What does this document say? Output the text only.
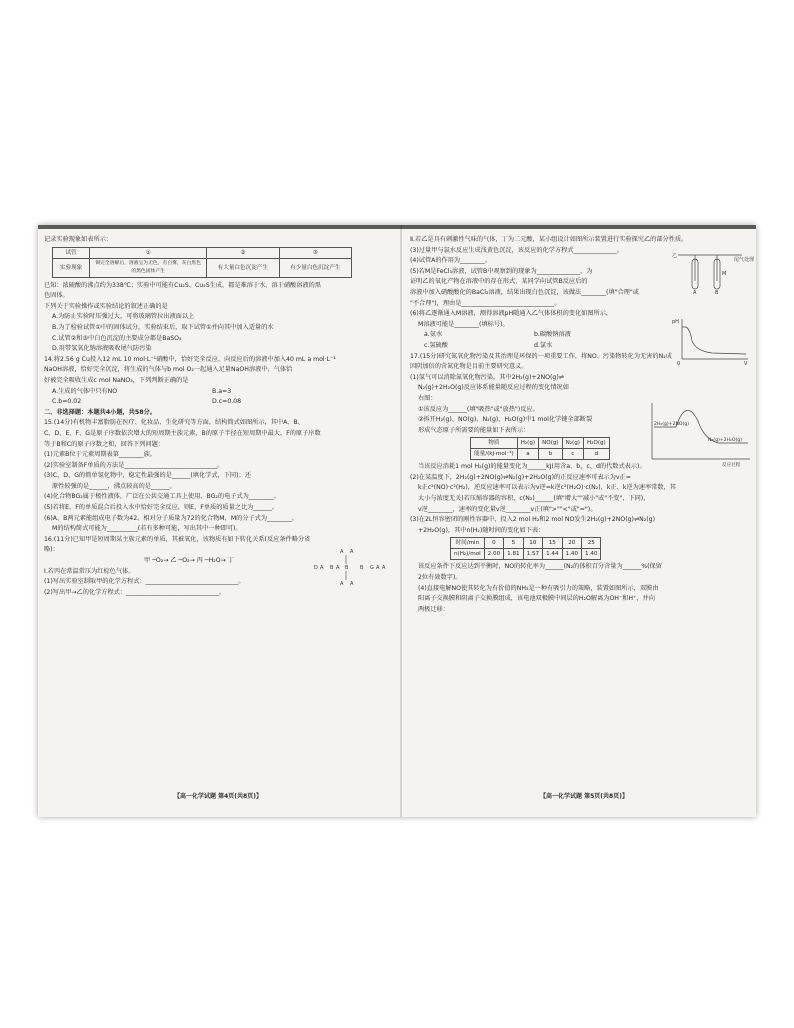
记录实验现象如表所示：

试管	①	②	③
实验现象	铜完全溶解后，溶液呈为无色，有白雾，灰白黑色的黑色固体产生	有大量白色沉淀产生	有少量白色沉淀产生

已知：浓硫酸的沸点约为338℃；实验中可能有Cu₂S、Cu₂S生成，都是难溶于水、溶于硝酸溶液的黑

色固体。

下列关于实验操作或实验结论的叙述正确的是

A.为防止实验时压强过大，可将玻璃管拉出液面以上

B.为了检验试管①中的固体试分，实验结束后，取下试管①并向其中加入适量的水

C.试管②和③中白色沉淀的主要成分都是BaSO₄

D.用带氢氧化钠溶液吸收尾气防污染

14.将2.56 g Cu投入12 mL 10 mol·L⁻¹硝酸中，恰好完全反应，向反应后的溶液中加入40 mL a mol·L⁻¹

NaOH溶液，恰好完全沉淀，将生成的气体与b mol O₂一起通入足量NaOH溶液中，气体恰

好被完全吸收生成c mol NaNO₃，下列判断正确的是

A.生成的气体中只有NO	B.a=3

C.b=0.02	D.c=0.08

二、非选择题：本题共4小题，共58分。

15.(14分)有机物丰富脂肪在医疗、化妆品、生化研究等方面，结构简式如图所示，其中A、B、

C、D、E、F、G是原子序数依次增大的短周期主族元素，B的原子半径在短周期中最大，F的原子序数

等于B和C的原子序数之和，回答下列问题：

(1)元素B位于元素周期表第________族。

(2)实验室制备F单质的方法是______________________________。

(3)C、D、G的简单氢化物中，稳定性最强的是______(填化学式，下同)；还

原性较强的是______，沸点较高的是______。

(4)化合物BG₂属于极性液体，广泛在公共交通工具上使用，BG₂的电子式为________。

(5)若将E、F的单质混合后投入水中恰好完全反应，则E、F单质的质量之比为______。

(6)A、B两元素能组成电子数为42、相对分子质量为72的化合物M，M的分子式为________，

M的结构简式可能为__________(若有多种可能，写出其中一种即可)。

16.(11分)已知甲是短周期某主族元素的单质，其被氧化，该物质有如下转化关系(反应条件略分省

略)：

甲 ─O₂→ 乙 ─O₂→ 丙 ─H₂O→ 丁

Ⅰ.若丙在常温常压为红棕色气体。

(1)写出实验室制取甲的化学方程式：______________________________。

(2)写出甲→乙的化学方程式：______________________________。

A A
A A
D B B B G A
A	A	A
【高一化学试题 第4页(共8页)】

Ⅱ.若乙是具有刺激性气味的气体，丁为二元酸，某小组设计如图所示装置进行实验探究乙的部分性质。

(3)过量甲与氯水反应生成浅黄色沉淀，该反应的化学方程式______________。

(4)试管A的作用为________。

(5)若M是FeCl₃溶液，试管B中观察到的现象为______________，为

证明乙的氧化产物在溶液中的存在形式，某同学向试管B反应后的

溶液中加入硝酸酸化的BaCl₂溶液，结果出现白色沉淀，该做法________(填"合理"或

"不合理")，理由是______________________________。

(6)将乙逐渐通入M溶液，测得溶液pH随通入乙气体体积的变化如图所示，

M溶液可能是________(填标号)。

a.氨水	b.碳酸钠溶液

c.氢硫酸	d.氯水

17.(15分)研究氮氧化物污染及其治理是环保的一项重要工作，将NO、污染物转化为无害的N₂成

因阴加倍的含氮化物是目前主要研究意义。

(1)氢气可以消除氮氧化物污染，其中2H₂(g)+2NO(g)⇌

N₂(g)+2H₂O(g)反应体系能量随反应过程的变化情况如

右图：

①该反应为______(填"吸热"或"放热")反应。

②拆开H₂(g)、NO(g)、N₂(g)、H₂O(g)中1 mol化学键全部断裂

形成气态原子所需要的能量如下表所示：

物质	H₂(g)	NO(g)	N₂(g)	H₂O(g)
能量/(kJ·mol⁻¹)	a	b	c	d

当该反应消耗1 mol H₂(g)的能量变化为______kJ(用含a、b、c、d的代数式表示)。

(2)在某温度下，2H₂(g)+2NO(g)⇌N₂(g)+2H₂O(g)的正反应速率可表示为v正=

k正c²(NO)·c²(H₂)，逆反应速率可以表示为v逆=k逆c²(H₂O)·c(N₂)，k正、k逆为速率常数，其

大小与浓度无关)若压缩容器的容积，c(N₂)______(填"增大""减小"或"不变"，下同)，

v逆________，速率的变化量v逆________v正(填">""<"或"=")。

(3)在2L恒容密闭的刚性容器中，投入2 mol H₂和2 mol NO发生2H₂(g)+2NO(g)⇌N₂(g)

+2H₂O(g)，其中n(H₂)随时间的变化如下表：

时间/min	0	5	10	15	20	25
n(H₂)/mol	2.00	1.81	1.57	1.44	1.40	1.40

该反应条件下反应达到平衡时，NO的转化率为______(N₂的体积百分含量为______%(保留

2位有效数字)。

(4)直接电解NO使其转化为有价值的NH₃是一种有吸引力的策略，装置如图所示，双膜由

阳离子交换膜和阴离子交换膜组成，该电池双极膜中间层的H₂O解离为OH⁻和H⁺，并向

两极迁移：

乙
尾气处理
A	B
M
pH
V
0
2H₂(g)+2NO(g)
N₂(g)+2H₂O(g)
反应过程
【高一化学试题 第5页(共8页)】
